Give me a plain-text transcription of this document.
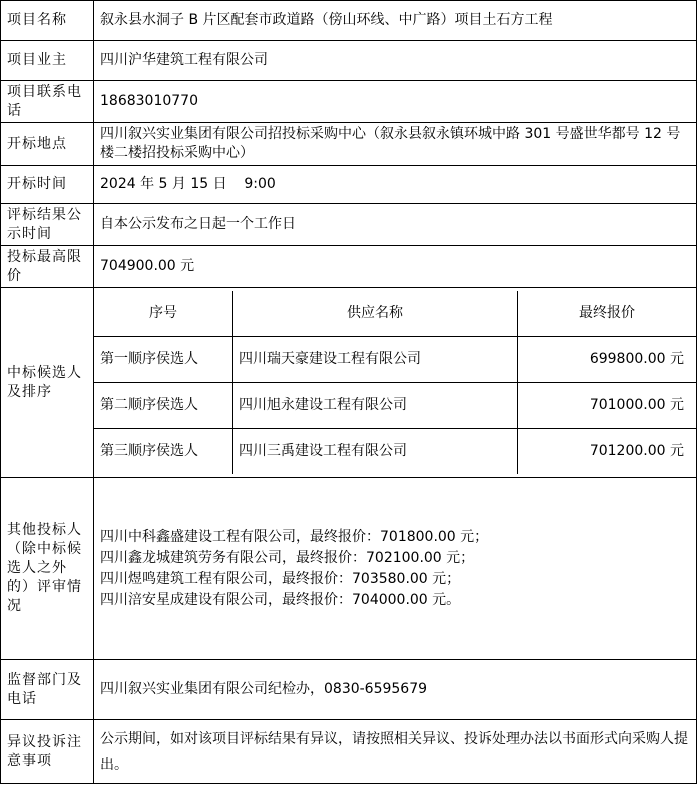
项目名称	叙永县水洞子 B 片区配套市政道路（傍山环线、中广路）项目土石方工程
项目业主	四川沪华建筑工程有限公司
项目联系电话	18683010770
开标地点	四川叙兴实业集团有限公司招投标采购中心（叙永县叙永镇环城中路 301 号盛世华都号 12 号楼二楼招投标采购中心）
开标时间	2024 年 5 月 15 日    9:00
评标结果公示时间	自本公示发布之日起一个工作日
投标最高限价	704900.00 元
中标候选人及排序	
序号	供应名称	最终报价
第一顺序侯选人	四川瑞天豪建设工程有限公司	699800.00 元
第二顺序侯选人	四川旭永建设工程有限公司	701000.00 元
第三顺序侯选人	四川三禹建设工程有限公司	701200.00 元

其他投标人（除中标候选人之外的）评审情况	
四川中科鑫盛建设工程有限公司，最终报价：701800.00 元；
四川鑫龙城建筑劳务有限公司，最终报价：702100.00 元；
四川煜鸣建筑工程有限公司，最终报价：703580.00 元；
四川涪安星成建设有限公司，最终报价：704000.00 元。

监督部门及电话	四川叙兴实业集团有限公司纪检办，0830-6595679
异议投诉注意事项	公示期间，如对该项目评标结果有异议，请按照相关异议、投诉处理办法以书面形式向采购人提出。
